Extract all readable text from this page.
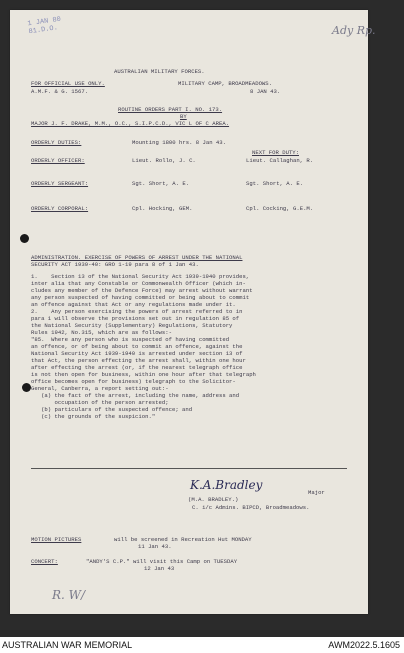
1 JAN 80
81.D.O.	Ady Rp.
AUSTRALIAN MILITARY FORCES.
FOR OFFICIAL USE ONLY.	MILITARY CAMP, BROADMEADOWS.
A.M.F. & G. 1567.	8 JAN 43.
ROUTINE ORDERS PART I. NO. 173.
BY
MAJOR J. F. DRAKE, M.M., O.C., S.I.P.C.D., VIC L OF C AREA.
ORDERLY DUTIES:	Mounting 1800 hrs. 8 Jan 43.
NEXT FOR DUTY:
ORDERLY OFFICER:	Lieut. Rollo, J. C.	Lieut. Callaghan, R.
ORDERLY SERGEANT:	Sgt. Short, A. E.	Sgt. Short, A. E.
ORDERLY CORPORAL:	Cpl. Hocking, GEM.	Cpl. Cocking, G.E.M.
ADMINISTRATION. EXERCISE OF POWERS OF ARREST UNDER THE NATIONAL
SECURITY ACT 1939-40: GRO 1-19 para 8 of 1 Jan 43.
1.    Section 13 of the National Security Act 1939-1940 provides,
inter alia that any Constable or Commonwealth Officer (which in-
cludes any member of the Defence Force) may arrest without warrant
any person suspected of having committed or being about to commit
an offence against that Act or any regulations made under it.
2.    Any person exercising the powers of arrest referred to in
para 1 will observe the provisions set out in regulation 85 of
the National Security (Supplementary) Regulations, Statutory
Rules 1942, No.315, which are as follows:-
"85.  Where any person who is suspected of having committed
an offence, or of being about to commit an offence, against the
National Security Act 1939-1940 is arrested under section 13 of
that Act, the person effecting the arrest shall, within one hour
after effecting the arrest (or, if the nearest telegraph office
is not then open for business, within one hour after that telegraph
office becomes open for business) telegraph to the Solicitor-
General, Canberra, a report setting out:-
(a) the fact of the arrest, including the name, address and
occupation of the person arrested;
(b) particulars of the suspected offence; and
(c) the grounds of the suspicion."
K.A.Bradley
(M.A. BRADLEY.)
Major
C. i/c Admins. BIPCD, Broadmeadows.
MOTION PICTURES	will be screened in Recreation Hut MONDAY
11 Jan 43.
CONCERT:	"ANDY'S C.P." will visit this Camp on TUESDAY
12 Jan 43
R. W/
AUSTRALIAN WAR MEMORIAL	AWM2022.5.1605
